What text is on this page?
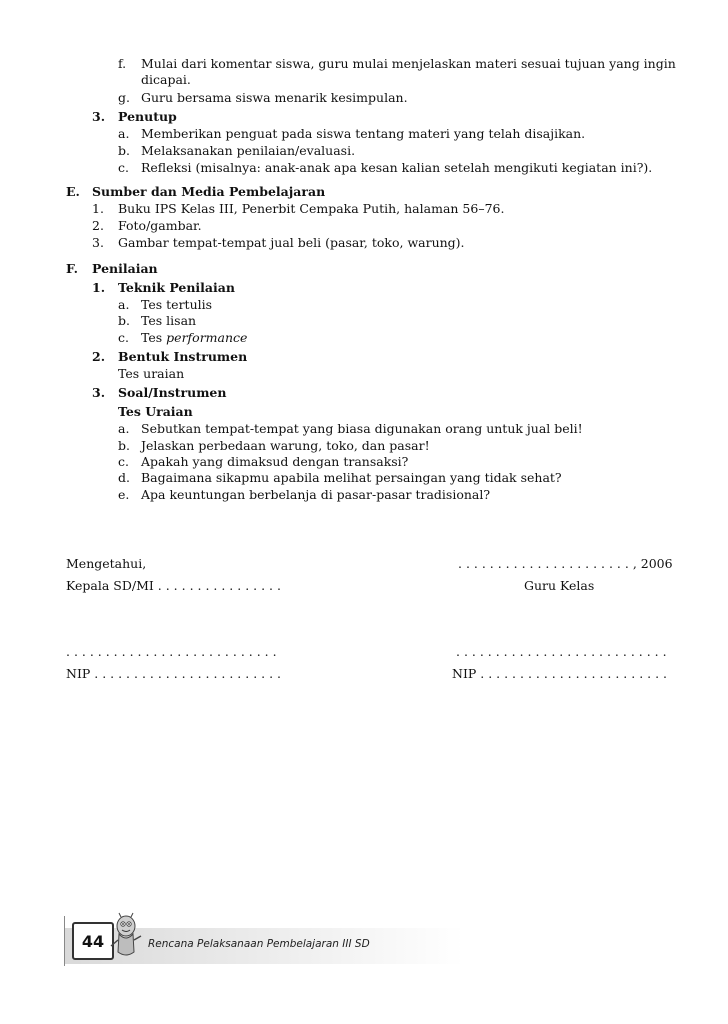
f. Mulai dari komentar siswa, guru mulai menjelaskan materi sesuai tujuan yang ingin
dicapai.
g. Guru bersama siswa menarik kesimpulan.
3. Penutup
a. Memberikan penguat pada siswa tentang materi yang telah disajikan.
b. Melaksanakan penilaian/evaluasi.
c. Refleksi (misalnya: anak-anak apa kesan kalian setelah mengikuti kegiatan ini?).
E. Sumber dan Media Pembelajaran
1. Buku IPS Kelas III, Penerbit Cempaka Putih, halaman 56–76.
2. Foto/gambar.
3. Gambar tempat-tempat jual beli (pasar, toko, warung).
F. Penilaian
1. Teknik Penilaian
a. Tes tertulis
b. Tes lisan
c. Tes performance
2. Bentuk Instrumen
Tes uraian
3. Soal/Instrumen
Tes Uraian
a. Sebutkan tempat-tempat yang biasa digunakan orang untuk jual beli!
b. Jelaskan perbedaan warung, toko, dan pasar!
c. Apakah yang dimaksud dengan transaksi?
d. Bagaimana sikapmu apabila melihat persaingan yang tidak sehat?
e. Apa keuntungan berbelanja di pasar-pasar tradisional?
Mengetahui,	. . . . . . . . . . . . . . . . . . . . . . , 2006
Kepala SD/MI . . . . . . . . . . . . . . . .	Guru Kelas
. . . . . . . . . . . . . . . . . . . . . . . . . . .	. . . . . . . . . . . . . . . . . . . . . . . . . . .
NIP . . . . . . . . . . . . . . . . . . . . . . . .	NIP . . . . . . . . . . . . . . . . . . . . . . . .
44	Rencana Pelaksanaan Pembelajaran III SD
